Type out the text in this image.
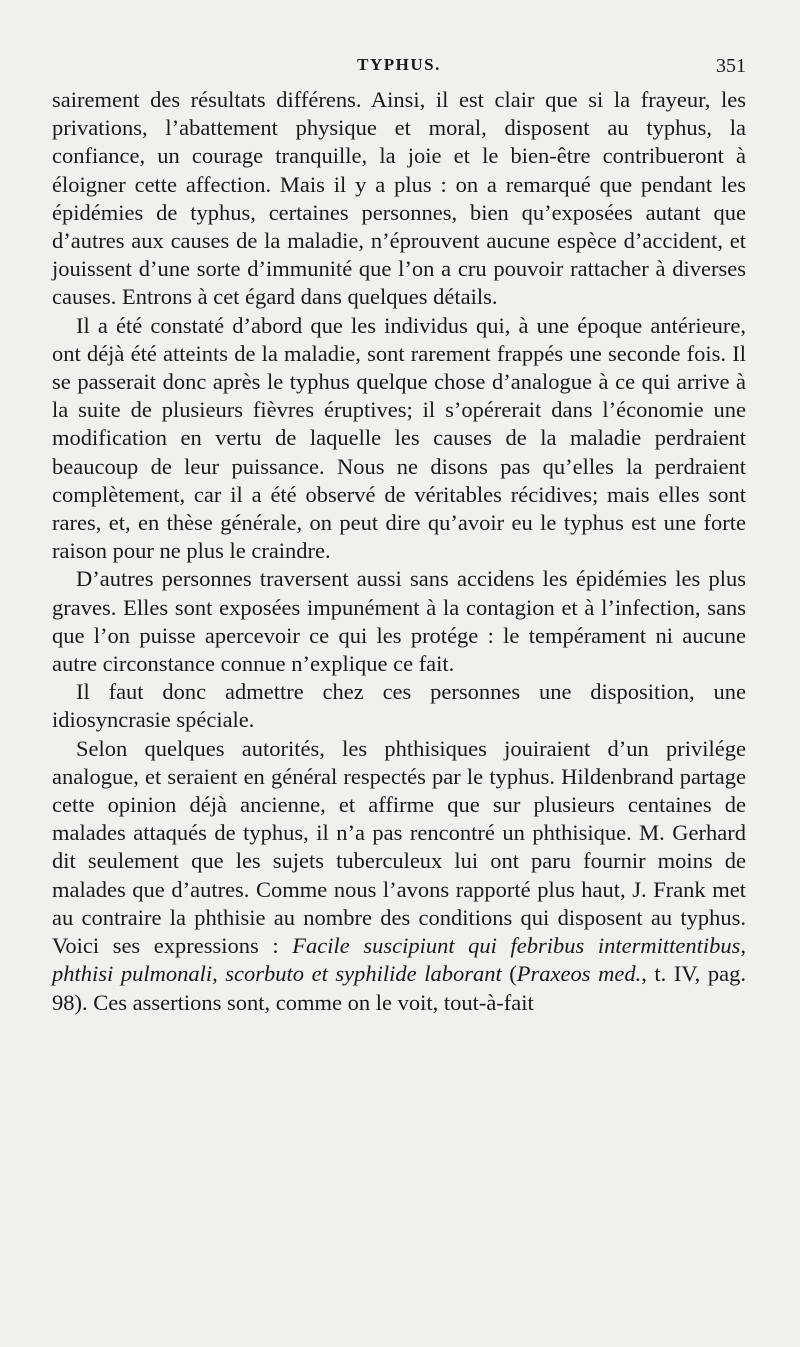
TYPHUS.	351

sairement des résultats différens. Ainsi, il est clair que si la frayeur, les privations, l’abattement physique et moral, disposent au typhus, la confiance, un courage tranquille, la joie et le bien-être contribueront à éloigner cette affection. Mais il y a plus : on a remarqué que pendant les épidémies de typhus, certaines personnes, bien qu’exposées autant que d’autres aux causes de la maladie, n’éprouvent aucune espèce d’accident, et jouissent d’une sorte d’immunité que l’on a cru pouvoir rattacher à diverses causes. Entrons à cet égard dans quelques détails.

Il a été constaté d’abord que les individus qui, à une époque antérieure, ont déjà été atteints de la maladie, sont rarement frappés une seconde fois. Il se passerait donc après le typhus quelque chose d’analogue à ce qui arrive à la suite de plusieurs fièvres éruptives; il s’opérerait dans l’économie une modification en vertu de laquelle les causes de la maladie perdraient beaucoup de leur puissance. Nous ne disons pas qu’elles la perdraient complètement, car il a été observé de véritables récidives; mais elles sont rares, et, en thèse générale, on peut dire qu’avoir eu le typhus est une forte raison pour ne plus le craindre.

D’autres personnes traversent aussi sans accidens les épidémies les plus graves. Elles sont exposées impunément à la contagion et à l’infection, sans que l’on puisse apercevoir ce qui les protége : le tempérament ni aucune autre circonstance connue n’explique ce fait.

Il faut donc admettre chez ces personnes une disposition, une idiosyncrasie spéciale.

Selon quelques autorités, les phthisiques jouiraient d’un privilége analogue, et seraient en général respectés par le typhus. Hildenbrand partage cette opinion déjà ancienne, et affirme que sur plusieurs centaines de malades attaqués de typhus, il n’a pas rencontré un phthisique. M. Gerhard dit seulement que les sujets tuberculeux lui ont paru fournir moins de malades que d’autres. Comme nous l’avons rapporté plus haut, J. Frank met au contraire la phthisie au nombre des conditions qui disposent au typhus. Voici ses expressions : Facile suscipiunt qui febribus intermittentibus, phthisi pulmonali, scorbuto et syphilide laborant (Praxeos med., t. IV, pag. 98). Ces assertions sont, comme on le voit, tout-à-fait
